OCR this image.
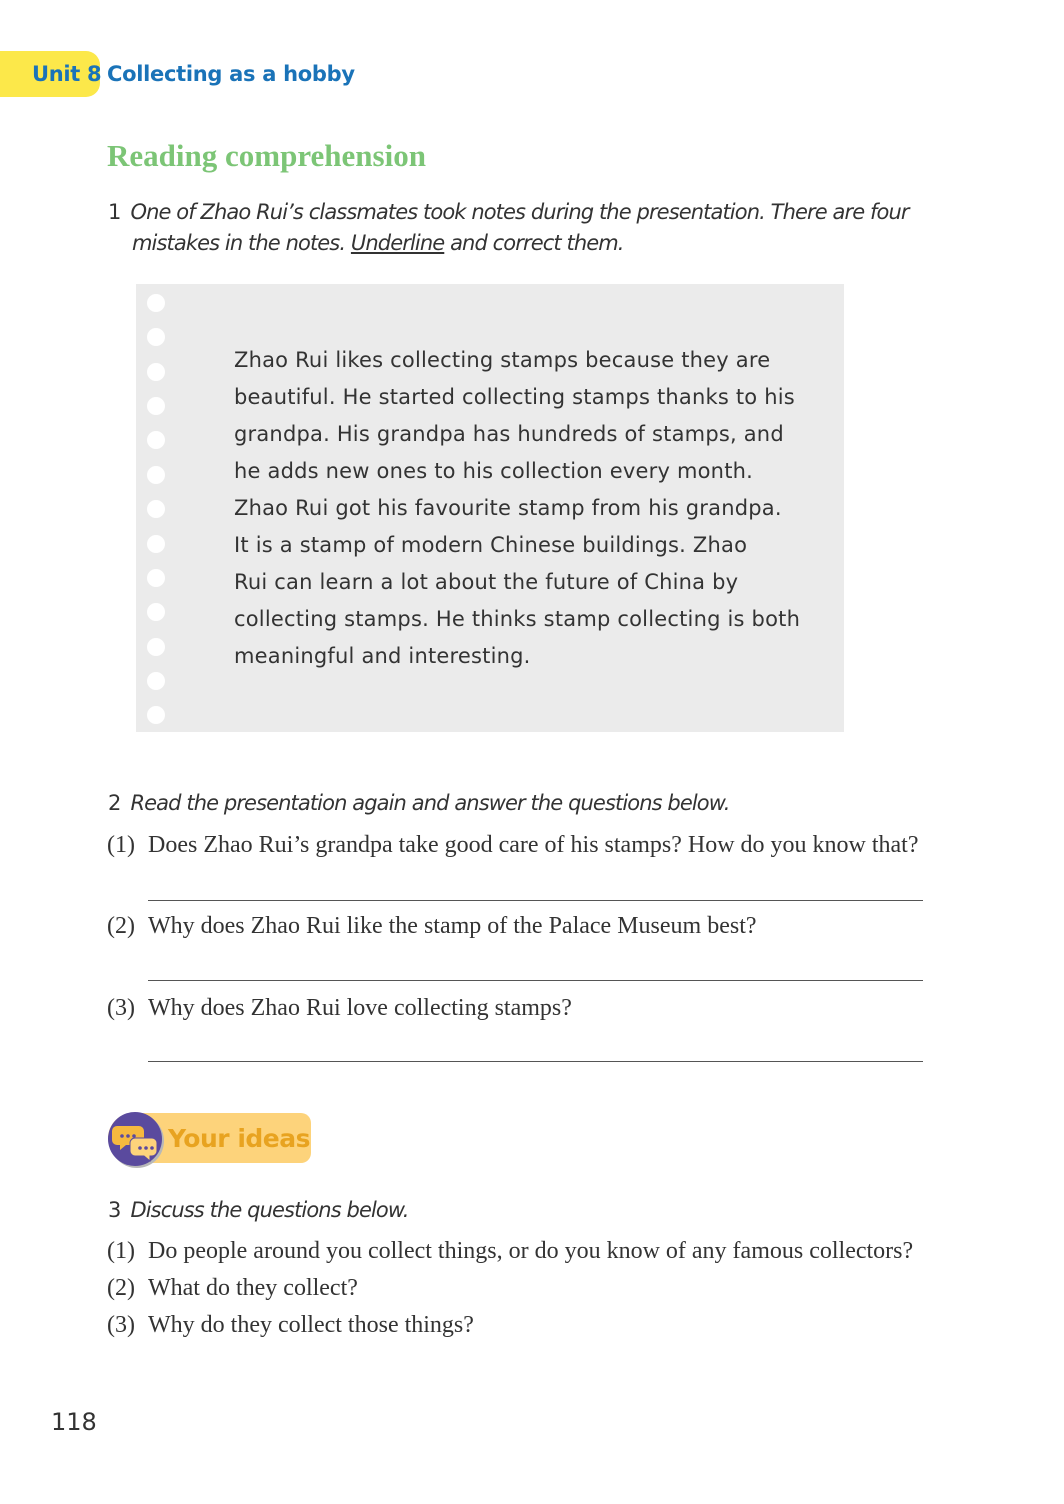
Unit 8 Collecting as a hobby
Reading comprehension
1 One of Zhao Rui’s classmates took notes during the presentation. There are four
mistakes in the notes. Underline and correct them.
Zhao Rui likes collecting stamps because they are
beautiful. He started collecting stamps thanks to his
grandpa. His grandpa has hundreds of stamps, and
he adds new ones to his collection every month.
Zhao Rui got his favourite stamp from his grandpa.
It is a stamp of modern Chinese buildings. Zhao
Rui can learn a lot about the future of China by
collecting stamps. He thinks stamp collecting is both
meaningful and interesting.
2 Read the presentation again and answer the questions below.
(1) Does Zhao Rui’s grandpa take good care of his stamps? How do you know that?
(2) Why does Zhao Rui like the stamp of the Palace Museum best?
(3) Why does Zhao Rui love collecting stamps?
Your ideas
3 Discuss the questions below.
(1) Do people around you collect things, or do you know of any famous collectors?
(2) What do they collect?
(3) Why do they collect those things?
118
